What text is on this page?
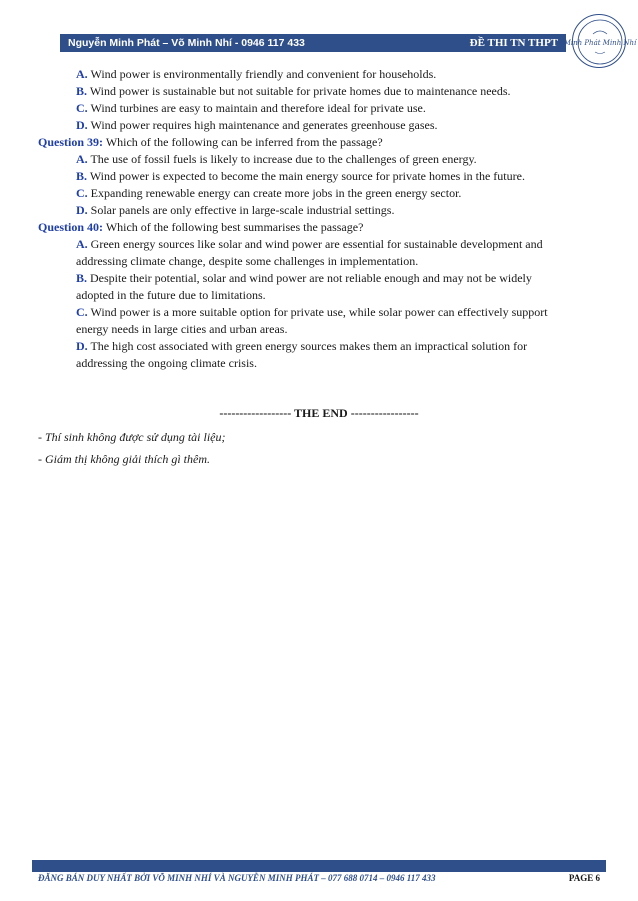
Nguyễn Minh Phát – Võ Minh Nhí - 0946 117 433	ĐỀ THI TN THPT Minh Phát Minh Nhí

A. Wind power is environmentally friendly and convenient for households.

B. Wind power is sustainable but not suitable for private homes due to maintenance needs.

C. Wind turbines are easy to maintain and therefore ideal for private use.

D. Wind power requires high maintenance and generates greenhouse gases.

Question 39: Which of the following can be inferred from the passage?

A. The use of fossil fuels is likely to increase due to the challenges of green energy.

B. Wind power is expected to become the main energy source for private homes in the future.

C. Expanding renewable energy can create more jobs in the green energy sector.

D. Solar panels are only effective in large-scale industrial settings.

Question 40: Which of the following best summarises the passage?

A. Green energy sources like solar and wind power are essential for sustainable development and
addressing climate change, despite some challenges in implementation.

B. Despite their potential, solar and wind power are not reliable enough and may not be widely
adopted in the future due to limitations.

C. Wind power is a more suitable option for private use, while solar power can effectively support
energy needs in large cities and urban areas.

D. The high cost associated with green energy sources makes them an impractical solution for
addressing the ongoing climate crisis.

------------------ THE END -----------------
- Thí sinh không được sử dụng tài liệu;
- Giám thị không giải thích gì thêm.
ĐĂNG BÁN DUY NHẤT BỞI VÕ MINH NHÍ VÀ NGUYỄN MINH PHÁT – 077 688 0714 – 0946 117 433	PAGE 6
